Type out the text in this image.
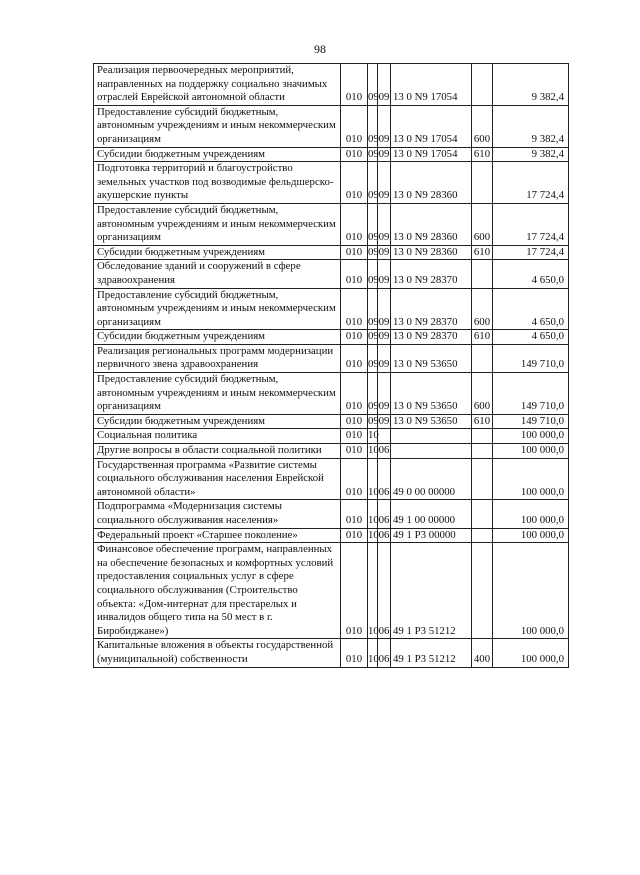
98
Реализация первоочередных мероприятий, направленных на поддержку социально значимых отраслей Еврейской автономной области	010	09	09	13 0 N9 17054		9 382,4
Предоставление субсидий бюджетным, автономным учреждениям и иным некоммерческим организациям	010	09	09	13 0 N9 17054	600	9 382,4
Субсидии бюджетным учреждениям	010	09	09	13 0 N9 17054	610	9 382,4
Подготовка территорий и благоустройство земельных участков под возводимые фельдшерско-акушерские пункты	010	09	09	13 0 N9 28360		17 724,4
Предоставление субсидий бюджетным, автономным учреждениям и иным некоммерческим организациям	010	09	09	13 0 N9 28360	600	17 724,4
Субсидии бюджетным учреждениям	010	09	09	13 0 N9 28360	610	17 724,4
Обследование зданий и сооружений в сфере здравоохранения	010	09	09	13 0 N9 28370		4 650,0
Предоставление субсидий бюджетным, автономным учреждениям и иным некоммерческим организациям	010	09	09	13 0 N9 28370	600	4 650,0
Субсидии бюджетным учреждениям	010	09	09	13 0 N9 28370	610	4 650,0
Реализация региональных программ модернизации первичного звена здравоохранения	010	09	09	13 0 N9 53650		149 710,0
Предоставление субсидий бюджетным, автономным учреждениям и иным некоммерческим организациям	010	09	09	13 0 N9 53650	600	149 710,0
Субсидии бюджетным учреждениям	010	09	09	13 0 N9 53650	610	149 710,0
Социальная политика	010	10				100 000,0
Другие вопросы в области социальной политики	010	10	06			100 000,0
Государственная программа «Развитие системы социального обслуживания населения Еврейской автономной области»	010	10	06	49 0 00 00000		100 000,0
Подпрограмма «Модернизация системы социального обслуживания населения»	010	10	06	49 1 00 00000		100 000,0
Федеральный проект «Старшее поколение»	010	10	06	49 1 P3 00000		100 000,0
Финансовое обеспечение программ, направленных на обеспечение безопасных и комфортных условий предоставления социальных услуг в сфере социального обслуживания (Строительство объекта: «Дом-интернат для престарелых и инвалидов общего типа на 50 мест в г. Биробиджане»)	010	10	06	49 1 P3 51212		100 000,0
Капитальные вложения в объекты государственной (муниципальной) собственности	010	10	06	49 1 P3 51212	400	100 000,0
